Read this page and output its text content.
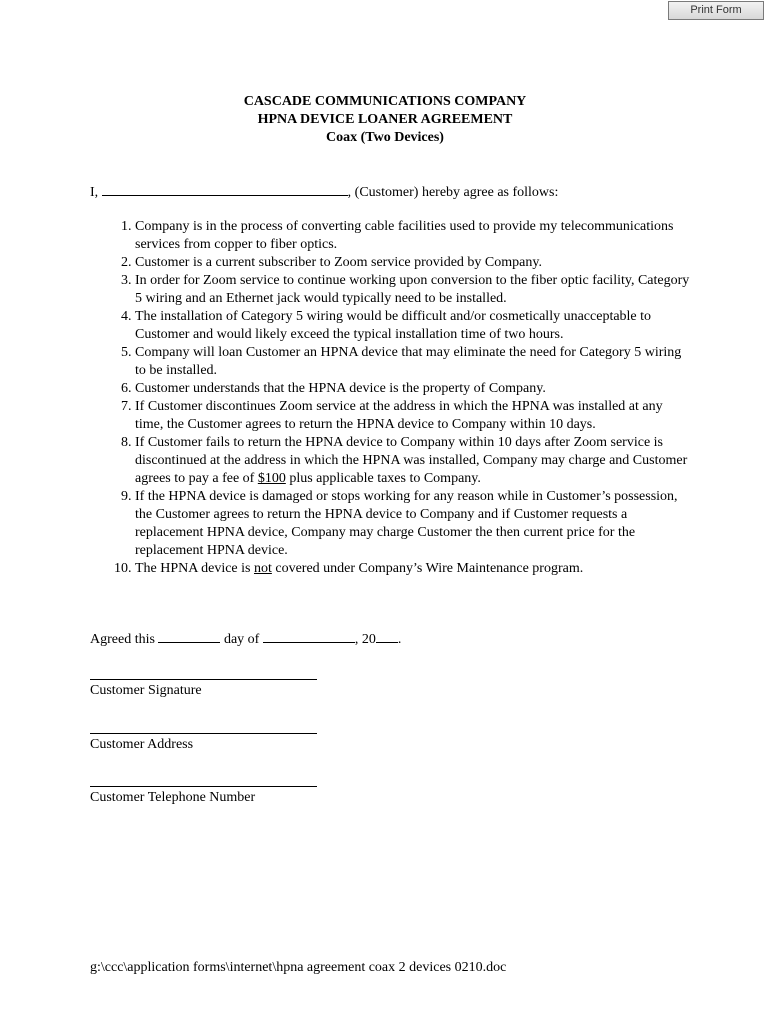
Print Form
CASCADE COMMUNICATIONS COMPANY
HPNA DEVICE LOANER AGREEMENT
Coax (Two Devices)
I,	, (Customer) hereby agree as follows:
1. Company is in the process of converting cable facilities used to provide my telecommunications services from copper to fiber optics.
2. Customer is a current subscriber to Zoom service provided by Company.
3. In order for Zoom service to continue working upon conversion to the fiber optic facility, Category 5 wiring and an Ethernet jack would typically need to be installed.
4. The installation of Category 5 wiring would be difficult and/or cosmetically unacceptable to Customer and would likely exceed the typical installation time of two hours.
5. Company will loan Customer an HPNA device that may eliminate the need for Category 5 wiring to be installed.
6. Customer understands that the HPNA device is the property of Company.
7. If Customer discontinues Zoom service at the address in which the HPNA was installed at any time, the Customer agrees to return the HPNA device to Company within 10 days.
8. If Customer fails to return the HPNA device to Company within 10 days after Zoom service is discontinued at the address in which the HPNA was installed, Company may charge and Customer agrees to pay a fee of $100 plus applicable taxes to Company.
9. If the HPNA device is damaged or stops working for any reason while in Customer’s possession, the Customer agrees to return the HPNA device to Company and if Customer requests a replacement HPNA device, Company may charge Customer the then current price for the replacement HPNA device.
10. The HPNA device is not covered under Company’s Wire Maintenance program.
Agreed this	day of	, 20 .
Customer Signature
Customer Address
Customer Telephone Number
g:\ccc\application forms\internet\hpna agreement coax 2 devices 0210.doc
